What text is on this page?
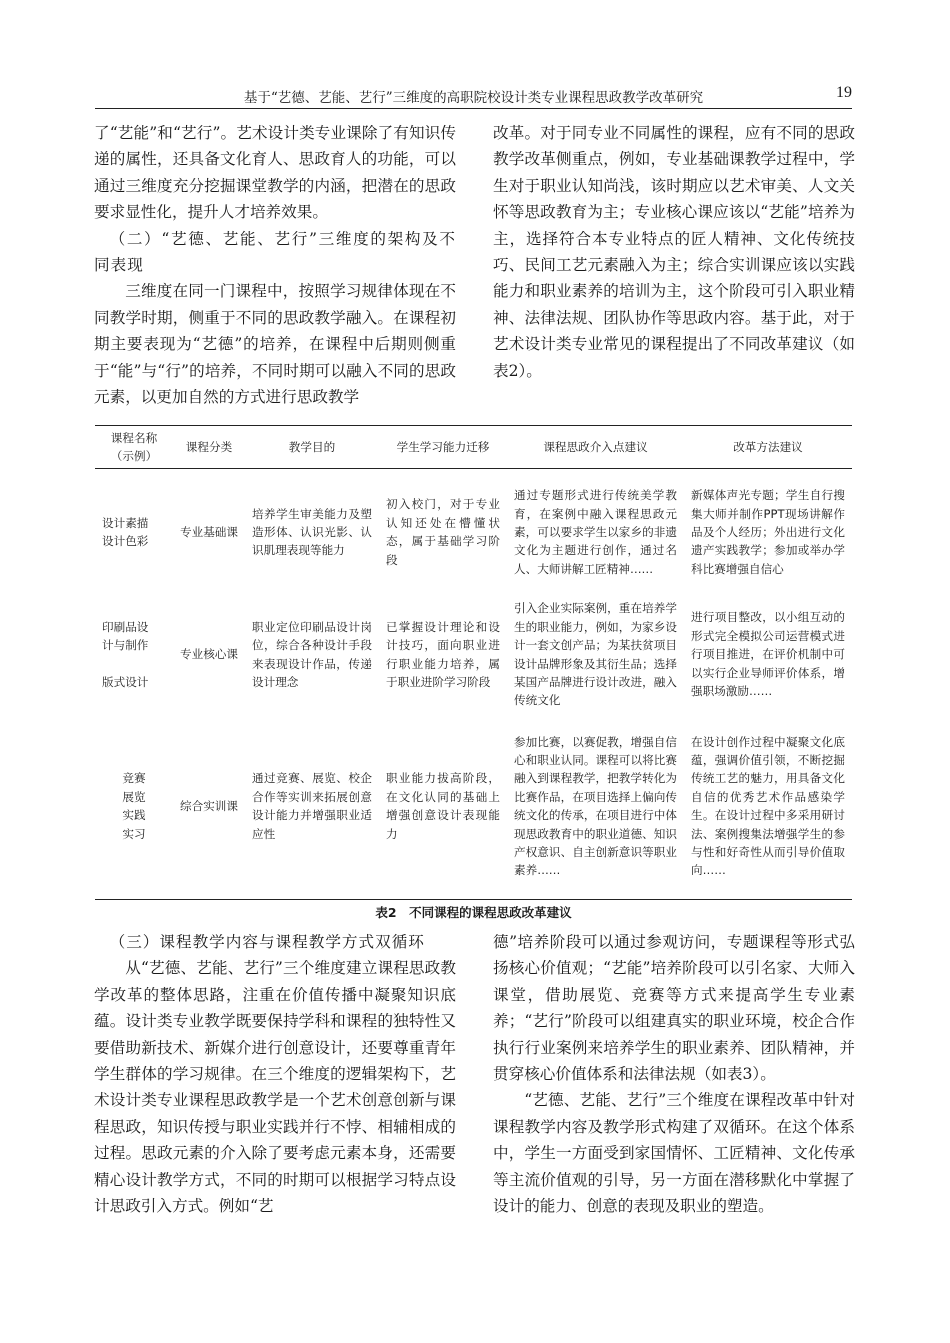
基于“艺德、艺能、艺行”三维度的高职院校设计类专业课程思政教学改革研究	19

了“艺能”和“艺行”。艺术设计类专业课除了有知识传递的属性，还具备文化育人、思政育人的功能，可以通过三维度充分挖掘课堂教学的内涵，把潜在的思政要求显性化，提升人才培养效果。

（二）“艺德、艺能、艺行”三维度的架构及不同表现

三维度在同一门课程中，按照学习规律体现在不同教学时期，侧重于不同的思政教学融入。在课程初期主要表现为“艺德”的培养，在课程中后期则侧重于“能”与“行”的培养，不同时期可以融入不同的思政元素，以更加自然的方式进行思政教学

改革。对于同专业不同属性的课程，应有不同的思政教学改革侧重点，例如，专业基础课教学过程中，学生对于职业认知尚浅，该时期应以艺术审美、人文关怀等思政教育为主；专业核心课应该以“艺能”培养为主，选择符合本专业特点的匠人精神、文化传统技巧、民间工艺元素融入为主；综合实训课应该以实践能力和职业素养的培训为主，这个阶段可引入职业精神、法律法规、团队协作等思政内容。基于此，对于艺术设计类专业常见的课程提出了不同改革建议（如表2）。

课程名称
（示例）	课程分类	教学目的	学生学习能力迁移	课程思政介入点建议	改革方法建议

设计素描
设计色彩	专业基础课	培养学生审美能力及塑造形体、认识光影、认识肌理表现等能力	初入校门，对于专业认知还处在懵懂状态，属于基础学习阶段	通过专题形式进行传统美学教育，在案例中融入课程思政元素，可以要求学生以家乡的非遗文化为主题进行创作，通过名人、大师讲解工匠精神……	新媒体声光专题；学生自行搜集大师并制作PPT现场讲解作品及个人经历；外出进行文化遗产实践教学；参加或举办学科比赛增强自信心

印刷品设
计与制作

版式设计	专业核心课	职业定位印刷品设计岗位，综合各种设计手段来表现设计作品，传递设计理念	已掌握设计理论和设计技巧，面向职业进行职业能力培养，属于职业进阶学习阶段	引入企业实际案例，重在培养学生的职业能力，例如，为家乡设计一套文创产品；为某扶贫项目设计品牌形象及其衍生品；选择某国产品牌进行设计改进，融入传统文化	进行项目整改，以小组互动的形式完全模拟公司运营模式进行项目推进，在评价机制中可以实行企业导师评价体系，增强职场激励……

竞赛
展览
实践
实习	综合实训课	通过竞赛、展览、校企合作等实训来拓展创意设计能力并增强职业适应性	职业能力拔高阶段，在文化认同的基础上增强创意设计表现能力	参加比赛，以赛促教，增强自信心和职业认同。课程可以将比赛融入到课程教学，把教学转化为比赛作品，在项目选择上偏向传统文化的传承，在项目进行中体现思政教育中的职业道德、知识产权意识、自主创新意识等职业素养……	在设计创作过程中凝聚文化底蕴，强调价值引领，不断挖掘传统工艺的魅力，用具备文化自信的优秀艺术作品感染学生。在设计过程中多采用研讨法、案例搜集法增强学生的参与性和好奇性从而引导价值取向……
表2　不同课程的课程思政改革建议

（三）课程教学内容与课程教学方式双循环

从“艺德、艺能、艺行”三个维度建立课程思政教学改革的整体思路，注重在价值传播中凝聚知识底蕴。设计类专业教学既要保持学科和课程的独特性又要借助新技术、新媒介进行创意设计，还要尊重青年学生群体的学习规律。在三个维度的逻辑架构下，艺术设计类专业课程思政教学是一个艺术创意创新与课程思政，知识传授与职业实践并行不悖、相辅相成的过程。思政元素的介入除了要考虑元素本身，还需要精心设计教学方式，不同的时期可以根据学习特点设计思政引入方式。例如“艺

德”培养阶段可以通过参观访问，专题课程等形式弘扬核心价值观；“艺能”培养阶段可以引名家、大师入课堂，借助展览、竞赛等方式来提高学生专业素养；“艺行”阶段可以组建真实的职业环境，校企合作执行行业案例来培养学生的职业素养、团队精神，并贯穿核心价值体系和法律法规（如表3）。

“艺德、艺能、艺行”三个维度在课程改革中针对课程教学内容及教学形式构建了双循环。在这个体系中，学生一方面受到家国情怀、工匠精神、文化传承等主流价值观的引导，另一方面在潜移默化中掌握了设计的能力、创意的表现及职业的塑造。
